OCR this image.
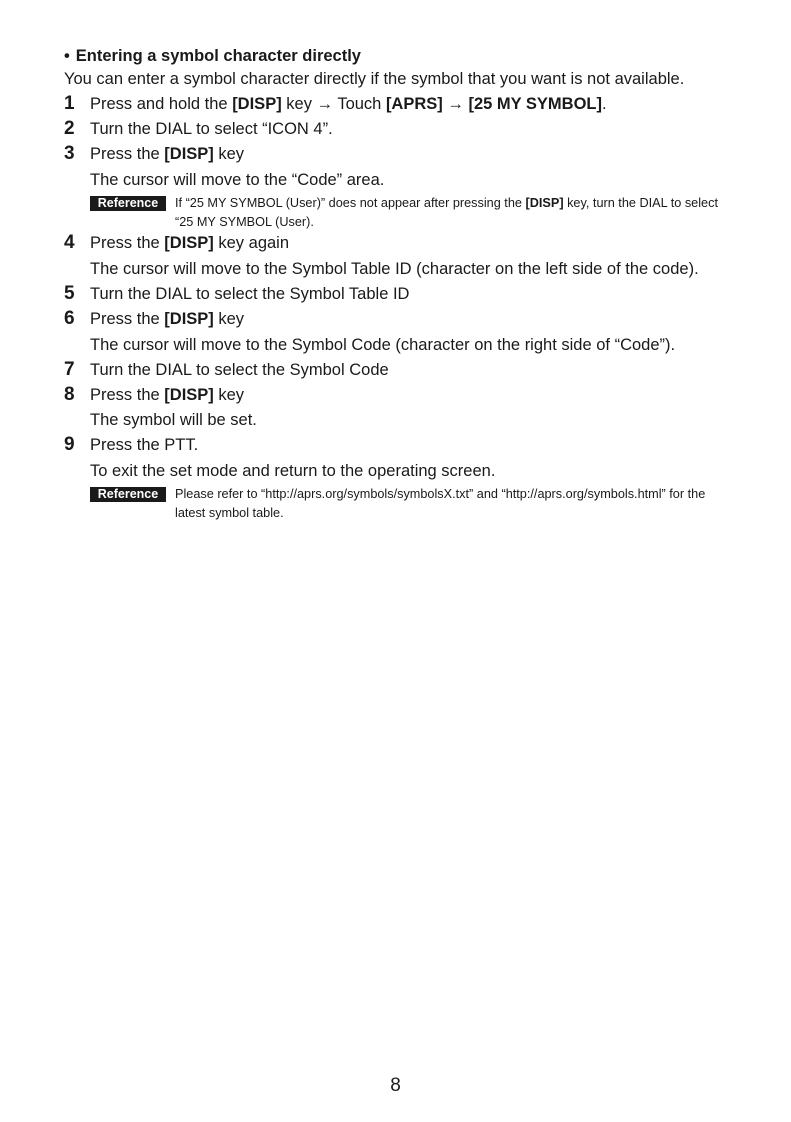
• Entering a symbol character directly
You can enter a symbol character directly if the symbol that you want is not available.
1 Press and hold the [DISP] key → Touch [APRS] → [25 MY SYMBOL].
2 Turn the DIAL to select “ICON 4”.
3 Press the [DISP] key
The cursor will move to the “Code” area.
Reference	If “25 MY SYMBOL (User)” does not appear after pressing the [DISP] key, turn the DIAL to select “25 MY SYMBOL (User).
4 Press the [DISP] key again
The cursor will move to the Symbol Table ID (character on the left side of the code).
5 Turn the DIAL to select the Symbol Table ID
6 Press the [DISP] key
The cursor will move to the Symbol Code (character on the right side of “Code”).
7 Turn the DIAL to select the Symbol Code
8 Press the [DISP] key
The symbol will be set.
9 Press the PTT.
To exit the set mode and return to the operating screen.
Reference	Please refer to “http://aprs.org/symbols/symbolsX.txt” and “http://aprs.org/symbols.html” for the latest symbol table.
8
